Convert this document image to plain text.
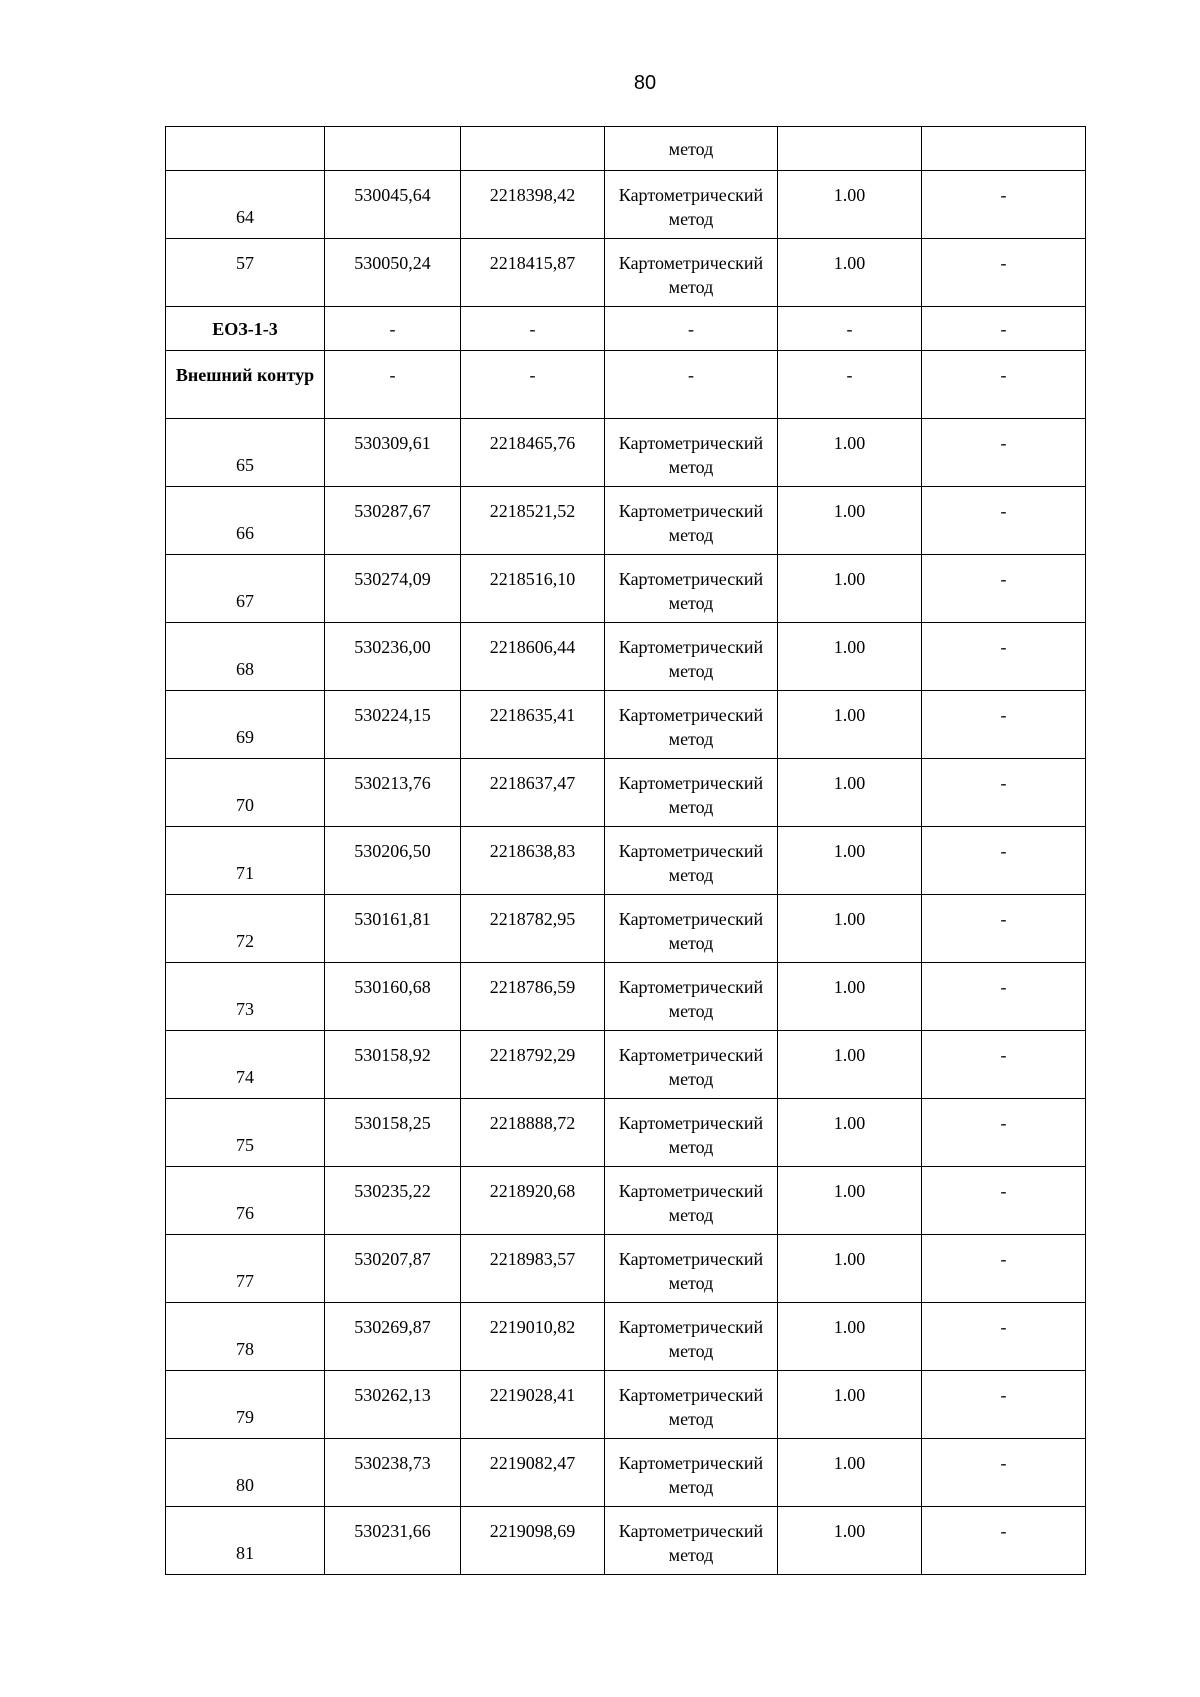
80
			метод		
64	530045,64	2218398,42	Картометрический метод	1.00	-
57	530050,24	2218415,87	Картометрический метод	1.00	-
ЕОЗ-1-3	-	-	-	-	-
Внешний контур	-	-	-	-	-
65	530309,61	2218465,76	Картометрический метод	1.00	-
66	530287,67	2218521,52	Картометрический метод	1.00	-
67	530274,09	2218516,10	Картометрический метод	1.00	-
68	530236,00	2218606,44	Картометрический метод	1.00	-
69	530224,15	2218635,41	Картометрический метод	1.00	-
70	530213,76	2218637,47	Картометрический метод	1.00	-
71	530206,50	2218638,83	Картометрический метод	1.00	-
72	530161,81	2218782,95	Картометрический метод	1.00	-
73	530160,68	2218786,59	Картометрический метод	1.00	-
74	530158,92	2218792,29	Картометрический метод	1.00	-
75	530158,25	2218888,72	Картометрический метод	1.00	-
76	530235,22	2218920,68	Картометрический метод	1.00	-
77	530207,87	2218983,57	Картометрический метод	1.00	-
78	530269,87	2219010,82	Картометрический метод	1.00	-
79	530262,13	2219028,41	Картометрический метод	1.00	-
80	530238,73	2219082,47	Картометрический метод	1.00	-
81	530231,66	2219098,69	Картометрический метод	1.00	-
